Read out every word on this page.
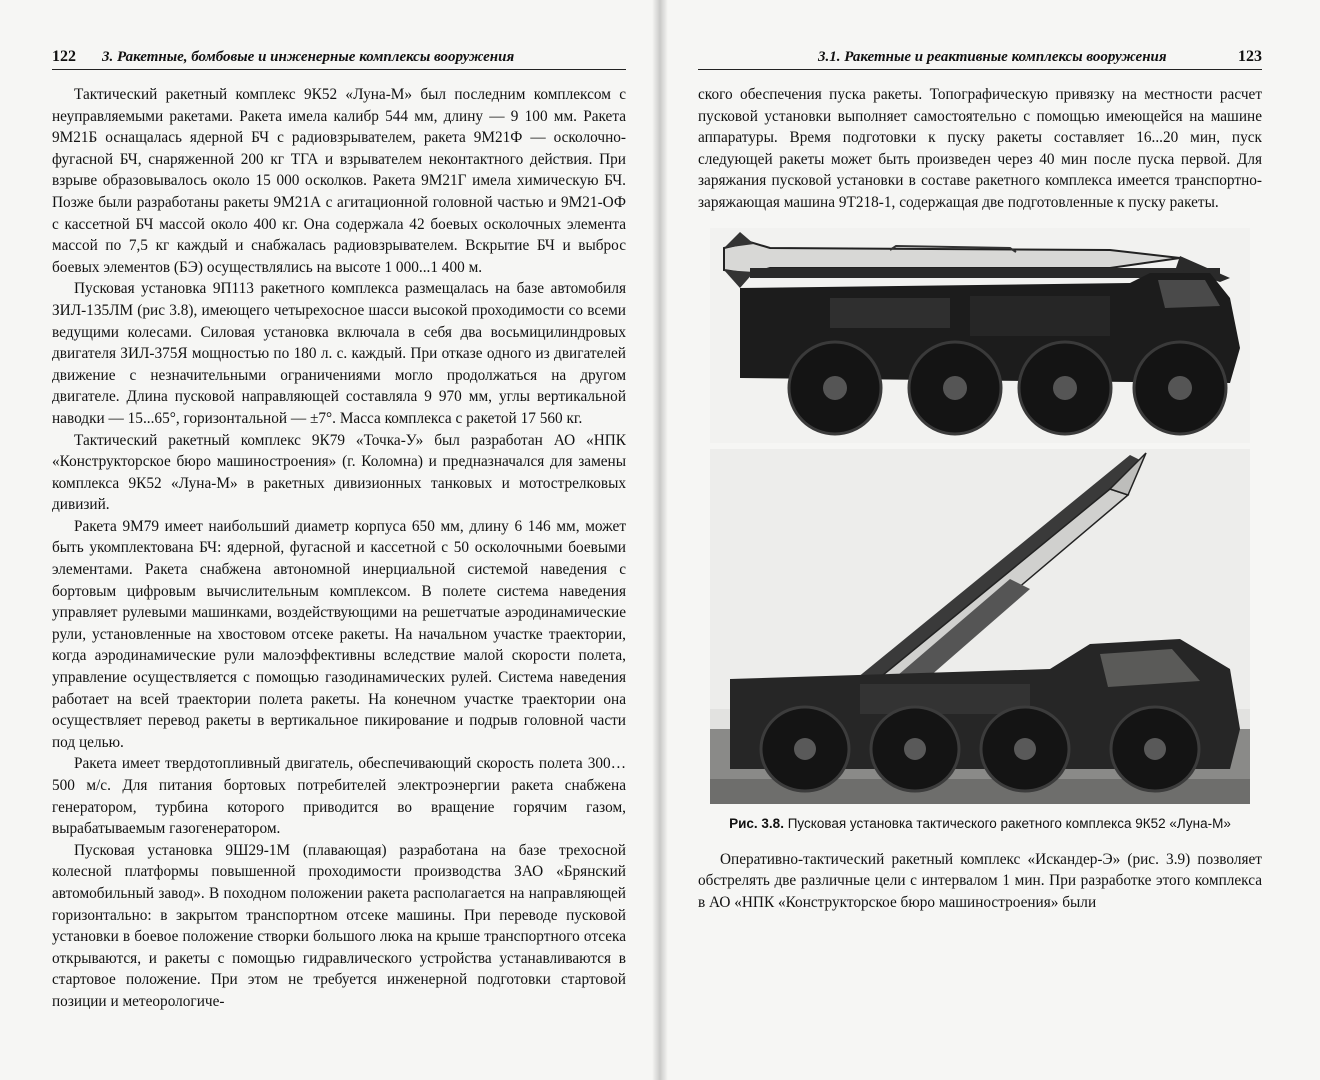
122 3. Ракетные, бомбовые и инженерные комплексы вооружения

Тактический ракетный комплекс 9К52 «Луна-М» был последним комплексом с неуправляемыми ракетами. Ракета имела калибр 544 мм, длину — 9 100 мм. Ракета 9М21Б оснащалась ядерной БЧ с радиовзрывателем, ракета 9М21Ф — осколочно-фугасной БЧ, снаряженной 200 кг ТГА и взрывателем неконтактного действия. При взрыве образовывалось около 15 000 осколков. Ракета 9М21Г имела химическую БЧ. Позже были разработаны ракеты 9М21А с агитационной головной частью и 9М21-ОФ с кассетной БЧ массой около 400 кг. Она содержала 42 боевых осколочных элемента массой по 7,5 кг каждый и снабжалась радиовзрывателем. Вскрытие БЧ и выброс боевых элементов (БЭ) осуществлялись на высоте 1 000...1 400 м.

Пусковая установка 9П113 ракетного комплекса размещалась на базе автомобиля ЗИЛ-135ЛМ (рис 3.8), имеющего четырехосное шасси высокой проходимости со всеми ведущими колесами. Силовая установка включала в себя два восьмицилиндровых двигателя ЗИЛ-375Я мощностью по 180 л. с. каждый. При отказе одного из двигателей движение с незначительными ограничениями могло продолжаться на другом двигателе. Длина пусковой направляющей составляла 9 970 мм, углы вертикальной наводки — 15...65°, горизонтальной — ±7°. Масса комплекса с ракетой 17 560 кг.

Тактический ракетный комплекс 9К79 «Точка-У» был разработан АО «НПК «Конструкторское бюро машиностроения» (г. Коломна) и предназначался для замены комплекса 9К52 «Луна-М» в ракетных дивизионных танковых и мотострелковых дивизий.

Ракета 9М79 имеет наибольший диаметр корпуса 650 мм, длину 6 146 мм, может быть укомплектована БЧ: ядерной, фугасной и кассетной с 50 осколочными боевыми элементами. Ракета снабжена автономной инерциальной системой наведения с бортовым цифровым вычислительным комплексом. В полете система наведения управляет рулевыми машинками, воздействующими на решетчатые аэродинамические рули, установленные на хвостовом отсеке ракеты. На начальном участке траектории, когда аэродинамические рули малоэффективны вследствие малой скорости полета, управление осуществляется с помощью газодинамических рулей. Система наведения работает на всей траектории полета ракеты. На конечном участке траектории она осуществляет перевод ракеты в вертикальное пикирование и подрыв головной части под целью.

Ракета имеет твердотопливный двигатель, обеспечивающий скорость полета 300…500 м/с. Для питания бортовых потребителей электроэнергии ракета снабжена генератором, турбина которого приводится во вращение горячим газом, вырабатываемым газогенератором.

Пусковая установка 9Ш29-1М (плавающая) разработана на базе трехосной колесной платформы повышенной проходимости производства ЗАО «Брянский автомобильный завод». В походном положении ракета располагается на направляющей горизонтально: в закрытом транспортном отсеке машины. При переводе пусковой установки в боевое положение створки большого люка на крыше транспортного отсека открываются, и ракеты с помощью гидравлического устройства устанавливаются в стартовое положение. При этом не требуется инженерной подготовки стартовой позиции и метеорологиче-

3.1. Ракетные и реактивные комплексы вооружения	123

ского обеспечения пуска ракеты. Топографическую привязку на местности расчет пусковой установки выполняет самостоятельно с помощью имеющейся на машине аппаратуры. Время подготовки к пуску ракеты составляет 16...20 мин, пуск следующей ракеты может быть произведен через 40 мин после пуска первой. Для заряжания пусковой установки в составе ракетного комплекса имеется транспортно-заряжающая машина 9Т218-1, содержащая две подготовленные к пуску ракеты.

Рис. 3.8. Пусковая установка тактического ракетного комплекса 9К52 «Луна-М»

Оперативно-тактический ракетный комплекс «Искандер-Э» (рис. 3.9) позволяет обстрелять две различные цели с интервалом 1 мин. При разработке этого комплекса в АО «НПК «Конструкторское бюро машиностроения» были
